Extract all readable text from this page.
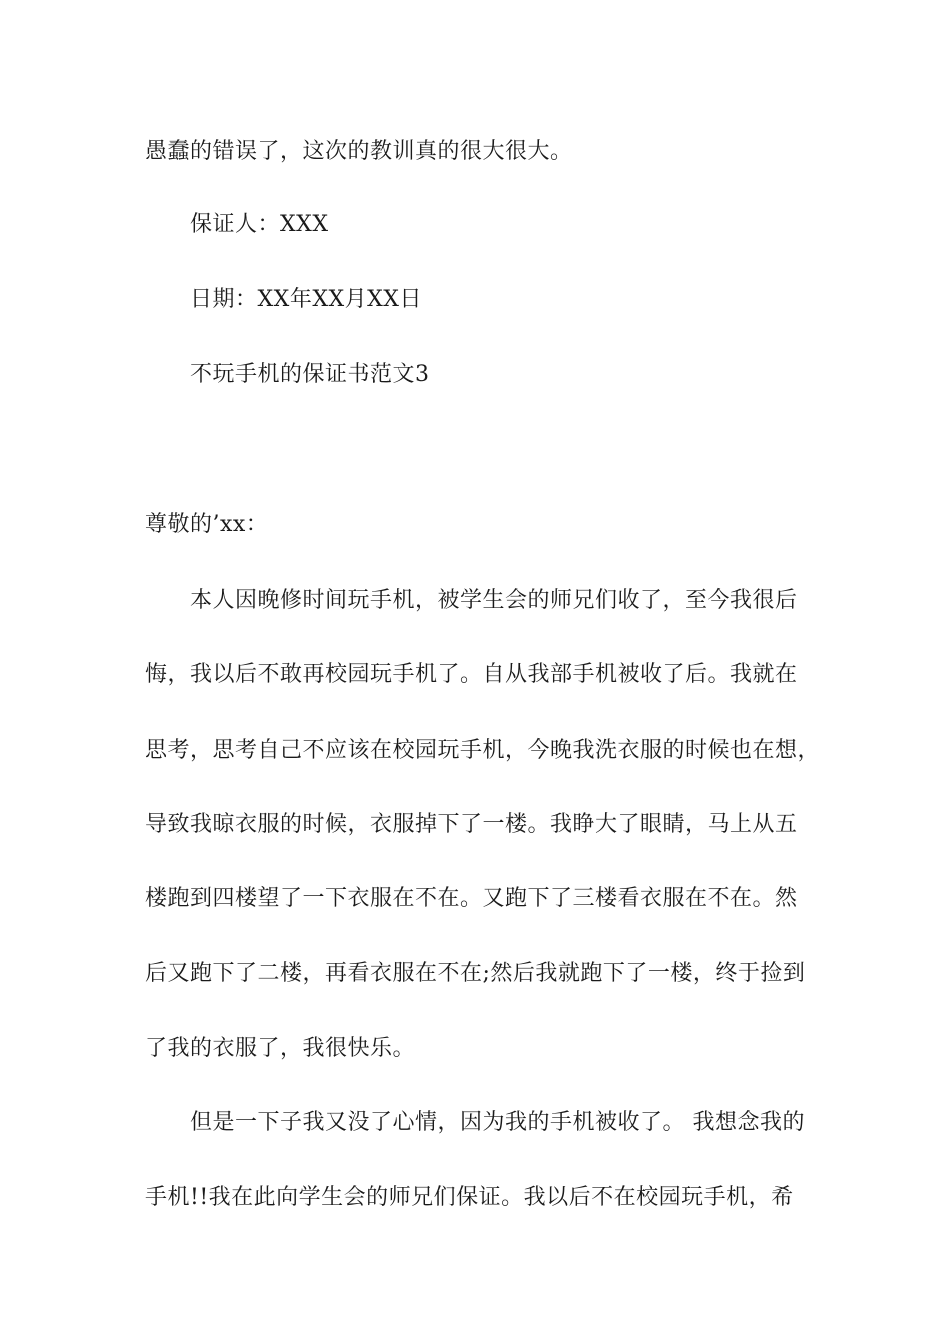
愚蠢的错误了，这次的教训真的很大很大。
保证人：XXX
日期：XX年XX月XX日
不玩手机的保证书范文3
尊敬的’xx：
本人因晚修时间玩手机，被学生会的师兄们收了，至今我很后
悔，我以后不敢再校园玩手机了。自从我部手机被收了后。我就在
思考，思考自己不应该在校园玩手机，今晚我洗衣服的时候也在想，
导致我晾衣服的时候，衣服掉下了一楼。我睁大了眼睛，马上从五
楼跑到四楼望了一下衣服在不在。又跑下了三楼看衣服在不在。然
后又跑下了二楼，再看衣服在不在;然后我就跑下了一楼，终于捡到
了我的衣服了，我很快乐。
但是一下子我又没了心情，因为我的手机被收了。 我想念我的
手机!!我在此向学生会的师兄们保证。我以后不在校园玩手机，希
